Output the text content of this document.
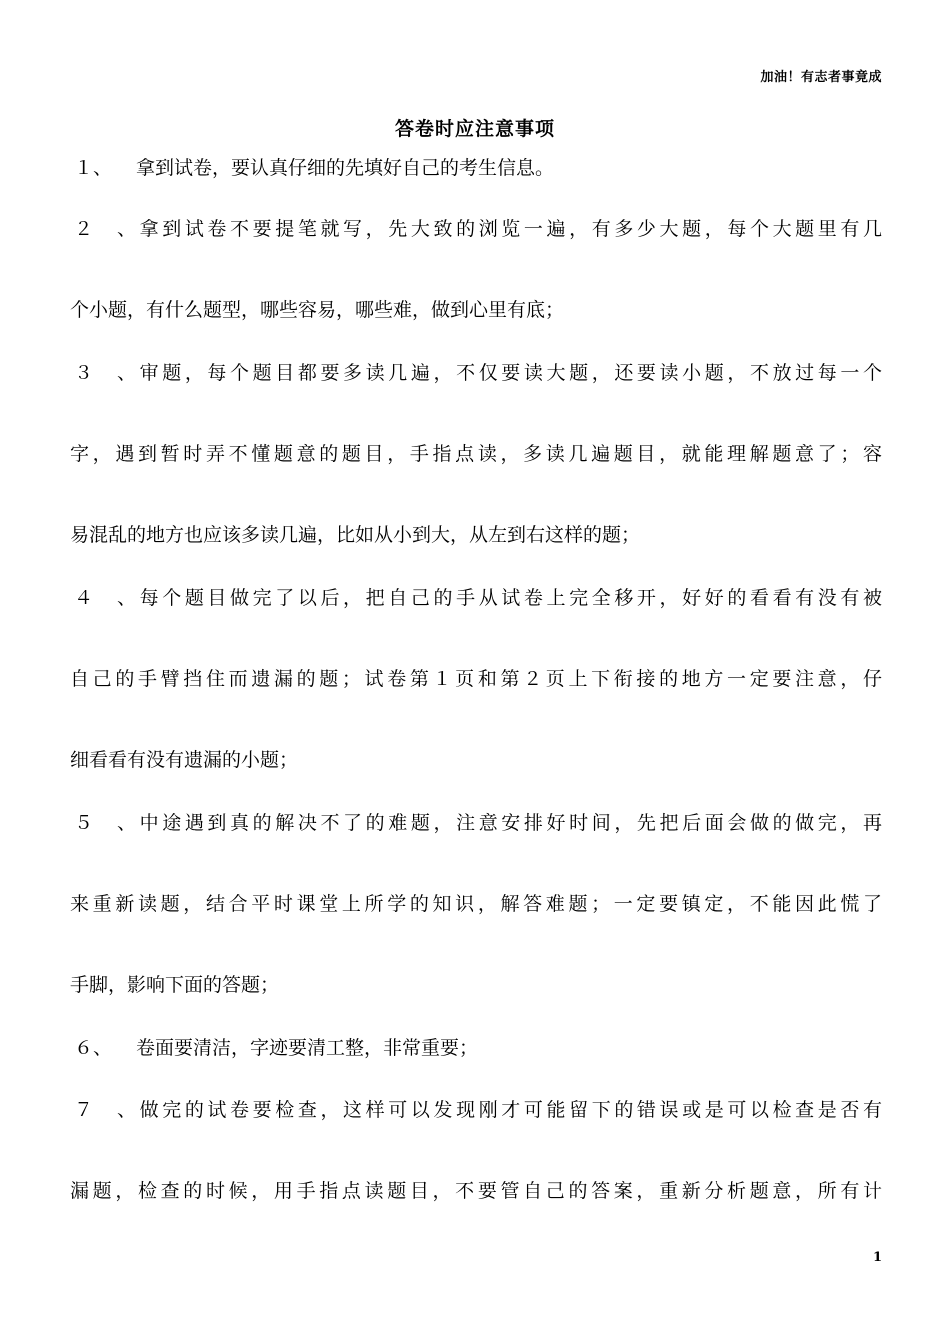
加油！有志者事竟成
答卷时应注意事项
１、 拿到试卷，要认真仔细的先填好自己的考生信息。
２、拿到试卷不要提笔就写，先大致的浏览一遍，有多少大题，每个大题里有几
个小题，有什么题型，哪些容易，哪些难，做到心里有底；
３、审题，每个题目都要多读几遍，不仅要读大题，还要读小题，不放过每一个
字，遇到暂时弄不懂题意的题目，手指点读，多读几遍题目，就能理解题意了；容
易混乱的地方也应该多读几遍，比如从小到大，从左到右这样的题；
４、每个题目做完了以后，把自己的手从试卷上完全移开，好好的看看有没有被
自己的手臂挡住而遗漏的题；试卷第１页和第２页上下衔接的地方一定要注意，仔
细看看有没有遗漏的小题；
５、中途遇到真的解决不了的难题，注意安排好时间，先把后面会做的做完，再
来重新读题，结合平时课堂上所学的知识，解答难题；一定要镇定，不能因此慌了
手脚，影响下面的答题；
６、 卷面要清洁，字迹要清工整，非常重要；
７、做完的试卷要检查，这样可以发现刚才可能留下的错误或是可以检查是否有
漏题，检查的时候，用手指点读题目，不要管自己的答案，重新分析题意，所有计
1
